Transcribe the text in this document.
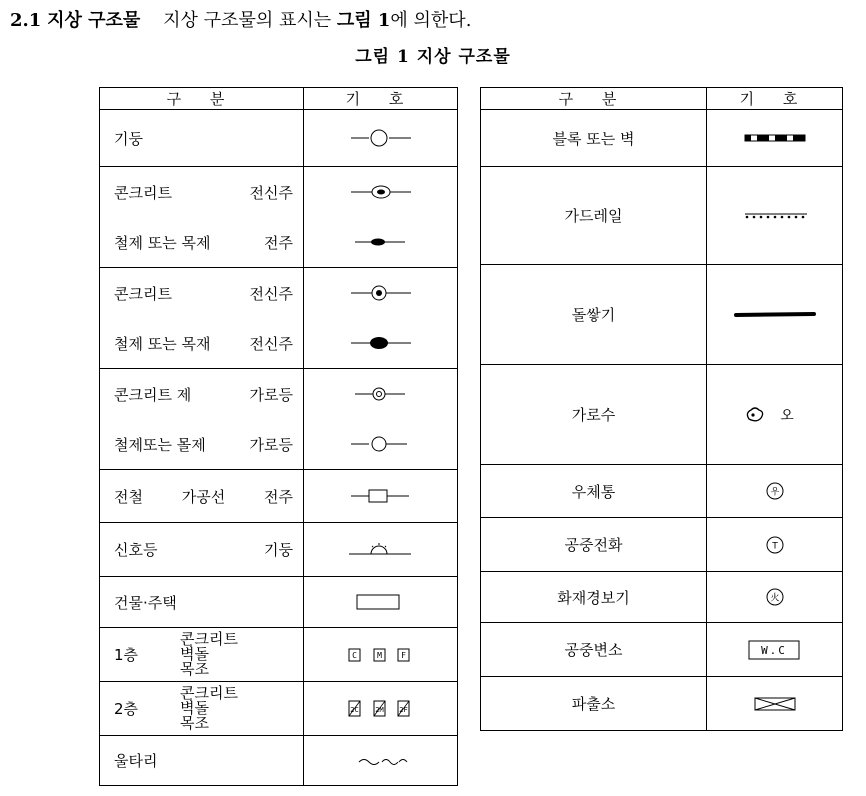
2.1 지상 구조물 지상 구조물의 표시는 그림 1에 의한다.
그림 1 지상 구조물
구 분	기 호
기둥	

콘크리트 전신주
철제 또는 목제 전주

콘크리트 전신주
철제 또는 목재 전신주

콘크리트 제 가로등
철제또는 몰제 가로등

전철 가공선 전주

신호등 기둥

건물·주택	

1층
콘크리트
벽돌
목조	C M F

2층
콘크리트
벽돌
목조	2C 2M 2F

울타리	
구 분	기 호
블록 또는 벽	

가드레일	

돌쌓기	

가로수	오

우체통	우

공중전화	T

화재경보기	火

공중변소	W.C

파출소	
